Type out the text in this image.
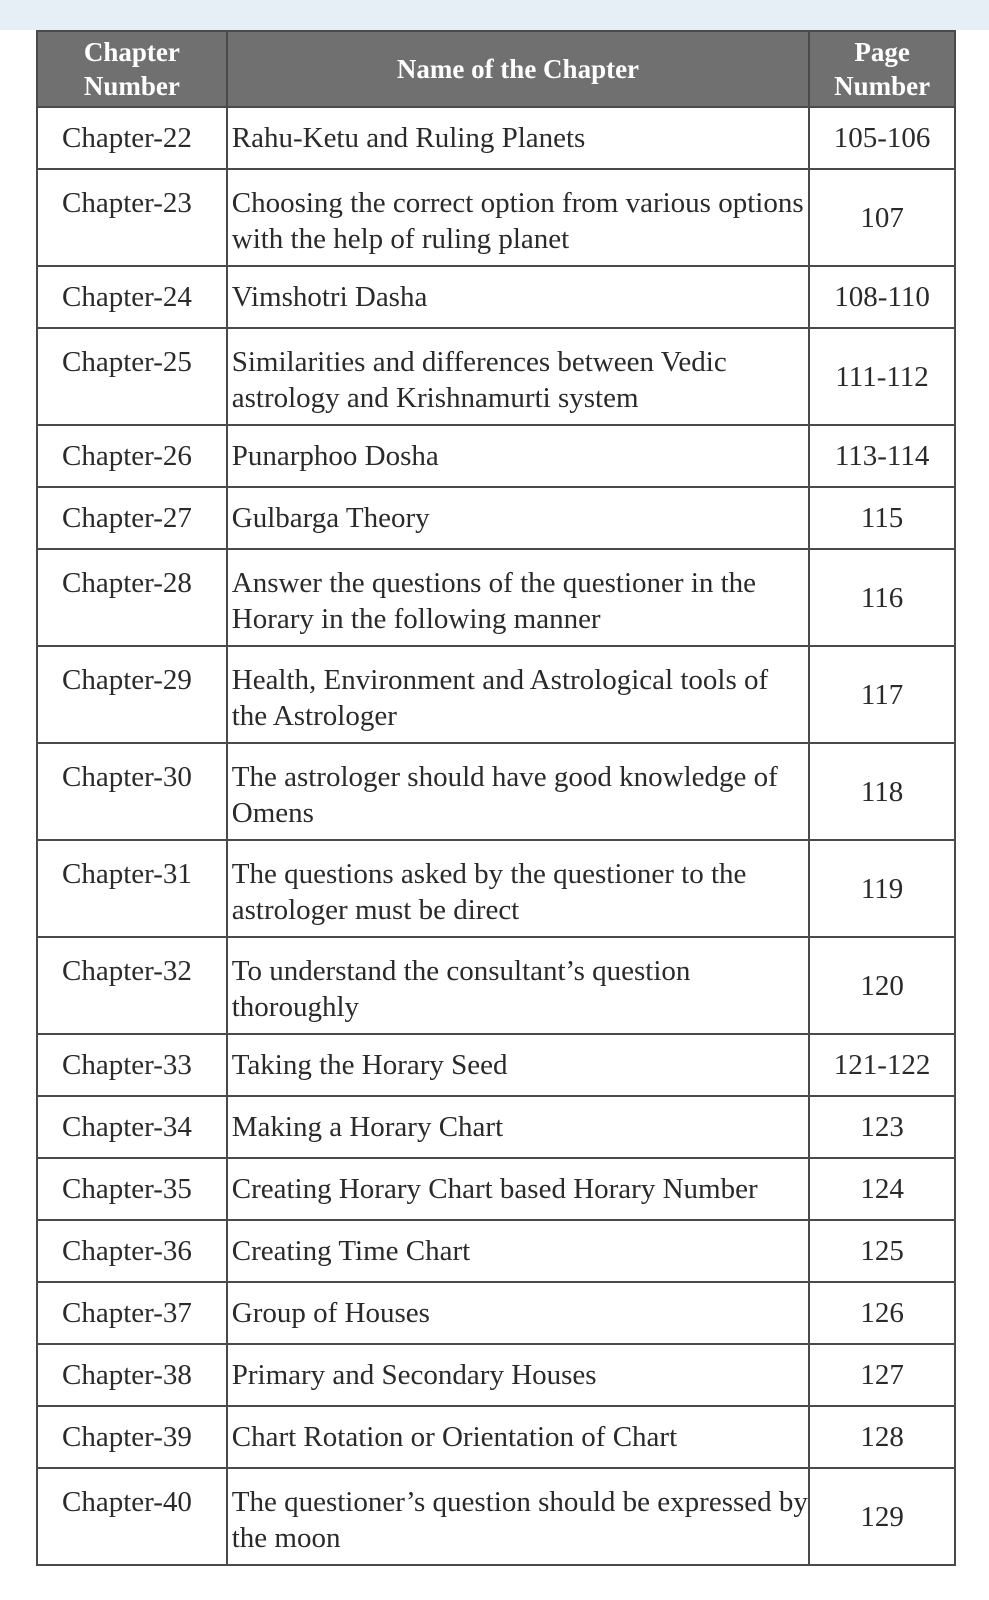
Chapter Number	Name of the Chapter	Page Number
Chapter-22	Rahu-Ketu and Ruling Planets	105-106
Chapter-23	Choosing the correct option from various options with the help of ruling planet	107
Chapter-24	Vimshotri Dasha	108-110
Chapter-25	Similarities and differences between Vedic astrology and Krishnamurti system	111-112
Chapter-26	Punarphoo Dosha	113-114
Chapter-27	Gulbarga Theory	115
Chapter-28	Answer the questions of the questioner in the Horary in the following manner	116
Chapter-29	Health, Environment and Astrological tools of the Astrologer	117
Chapter-30	The astrologer should have good knowledge of Omens	118
Chapter-31	The questions asked by the questioner to the astrologer must be direct	119
Chapter-32	To understand the consultant’s question thoroughly	120
Chapter-33	Taking the Horary Seed	121-122
Chapter-34	Making a Horary Chart	123
Chapter-35	Creating Horary Chart based Horary Number	124
Chapter-36	Creating Time Chart	125
Chapter-37	Group of Houses	126
Chapter-38	Primary and Secondary Houses	127
Chapter-39	Chart Rotation or Orientation of Chart	128
Chapter-40	The questioner’s question should be expressed by the moon	129
